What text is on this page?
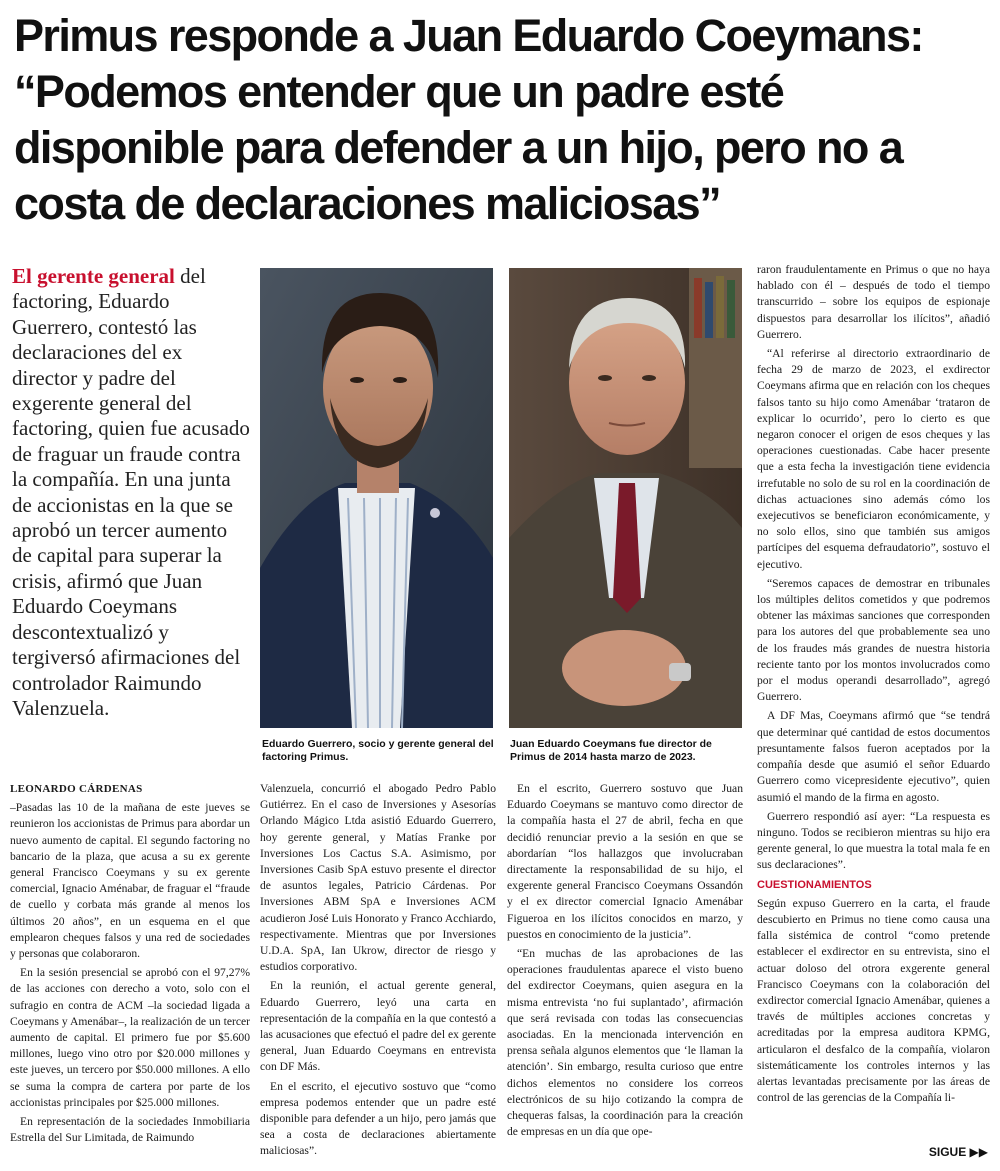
Primus responde a Juan Eduardo Coeymans:
“Podemos entender que un padre esté
disponible para defender a un hijo, pero no a
costa de declaraciones maliciosas”

El gerente general del factoring, Eduardo Guerrero, contestó las declaraciones del ex director y padre del exgerente general del factoring, quien fue acusado de fraguar un fraude contra la compañía. En una junta de accionistas en la que se aprobó un tercer aumento de capital para superar la crisis, afirmó que Juan Eduardo Coeymans descontextualizó y tergiversó afirmaciones del controlador Raimundo Valenzuela.

Eduardo Guerrero, socio y gerente general del factoring Primus.

Juan Eduardo Coeymans fue director de Primus de 2014 hasta marzo de 2023.

LEONARDO CÁRDENAS

–Pasadas las 10 de la mañana de este jueves se reunieron los accionistas de Primus para abordar un nuevo aumento de capital. El segundo factoring no bancario de la plaza, que acusa a su ex gerente general Francisco Coeymans y su ex gerente comercial, Ignacio Aménabar, de fraguar el “fraude de cuello y corbata más grande al menos los últimos 20 años”, en un esquema en el que emplearon cheques falsos y una red de sociedades y personas que colaboraron.

En la sesión presencial se aprobó con el 97,27% de las acciones con derecho a voto, solo con el sufragio en contra de ACM –la sociedad ligada a Coeymans y Amenábar–, la realización de un tercer aumento de capital. El primero fue por $5.600 millones, luego vino otro por $20.000 millones y este jueves, un tercero por $50.000 millones. A ello se suma la compra de cartera por parte de los accionistas principales por $25.000 millones.

En representación de la sociedades Inmobiliaria Estrella del Sur Limitada, de Raimundo

Valenzuela, concurrió el abogado Pedro Pablo Gutiérrez. En el caso de Inversiones y Asesorías Orlando Mágico Ltda asistió Eduardo Guerrero, hoy gerente general, y Matías Franke por Inversiones Los Cactus S.A. Asimismo, por Inversiones Casib SpA estuvo presente el director de asuntos legales, Patricio Cárdenas. Por Inversiones ABM SpA e Inversiones ACM acudieron José Luis Honorato y Franco Acchiardo, respectivamente. Mientras que por Inversiones U.D.A. SpA, Ian Ukrow, director de riesgo y estudios corporativo.

En la reunión, el actual gerente general, Eduardo Guerrero, leyó una carta en representación de la compañía en la que contestó a las acusaciones que efectuó el padre del ex gerente general, Juan Eduardo Coeymans en entrevista con DF Más.

En el escrito, el ejecutivo sostuvo que “como empresa podemos entender que un padre esté disponible para defender a un hijo, pero jamás que sea a costa de declaraciones abiertamente maliciosas”.

En el escrito, Guerrero sostuvo que Juan Eduardo Coeymans se mantuvo como director de la compañía hasta el 27 de abril, fecha en que decidió renunciar previo a la sesión en que se abordarían “los hallazgos que involucraban directamente la responsabilidad de su hijo, el exgerente general Francisco Coeymans Ossandón y el ex director comercial Ignacio Amenábar Figueroa en los ilícitos conocidos en marzo, y puestos en conocimiento de la justicia”.

“En muchas de las aprobaciones de las operaciones fraudulentas aparece el visto bueno del exdirector Coeymans, quien asegura en la misma entrevista ‘no fui suplantado’, afirmación que será revisada con todas las consecuencias asociadas. En la mencionada intervención en prensa señala algunos elementos que ‘le llaman la atención’. Sin embargo, resulta curioso que entre dichos elementos no considere los correos electrónicos de su hijo cotizando la compra de chequeras falsas, la coordinación para la creación de empresas en un día que ope-

raron fraudulentamente en Primus o que no haya hablado con él – después de todo el tiempo transcurrido – sobre los equipos de espionaje dispuestos para desarrollar los ilícitos”, añadió Guerrero.

“Al referirse al directorio extraordinario de fecha 29 de marzo de 2023, el exdirector Coeymans afirma que en relación con los cheques falsos tanto su hijo como Amenábar ‘trataron de explicar lo ocurrido’, pero lo cierto es que negaron conocer el origen de esos cheques y las operaciones cuestionadas. Cabe hacer presente que a esta fecha la investigación tiene evidencia irrefutable no solo de su rol en la coordinación de dichas actuaciones sino además cómo los exejecutivos se beneficiaron económicamente, y no solo ellos, sino que también sus amigos partícipes del esquema defraudatorio”, sostuvo el ejecutivo.

“Seremos capaces de demostrar en tribunales los múltiples delitos cometidos y que podremos obtener las máximas sanciones que corresponden para los autores del que probablemente sea uno de los fraudes más grandes de nuestra historia reciente tanto por los montos involucrados como por el modus operandi desarrollado”, agregó Guerrero.

A DF Mas, Coeymans afirmó que “se tendrá que determinar qué cantidad de estos documentos presuntamente falsos fueron aceptados por la compañía desde que asumió el señor Eduardo Guerrero como vicepresidente ejecutivo”, quien asumió el mando de la firma en agosto.

Guerrero respondió así ayer: “La respuesta es ninguno. Todos se recibieron mientras su hijo era gerente general, lo que muestra la total mala fe en sus declaraciones”.

CUESTIONAMIENTOS

Según expuso Guerrero en la carta, el fraude descubierto en Primus no tiene como causa una falla sistémica de control “como pretende establecer el exdirector en su entrevista, sino el actuar doloso del otrora exgerente general Francisco Coeymans con la colaboración del exdirector comercial Ignacio Amenábar, quienes a través de múltiples acciones concretas y acreditadas por la empresa auditora KPMG, articularon el desfalco de la compañía, violaron sistemáticamente los controles internos y las alertas levantadas precisamente por las áreas de control de las gerencias de la Compañía li-

SIGUE ▶▶
